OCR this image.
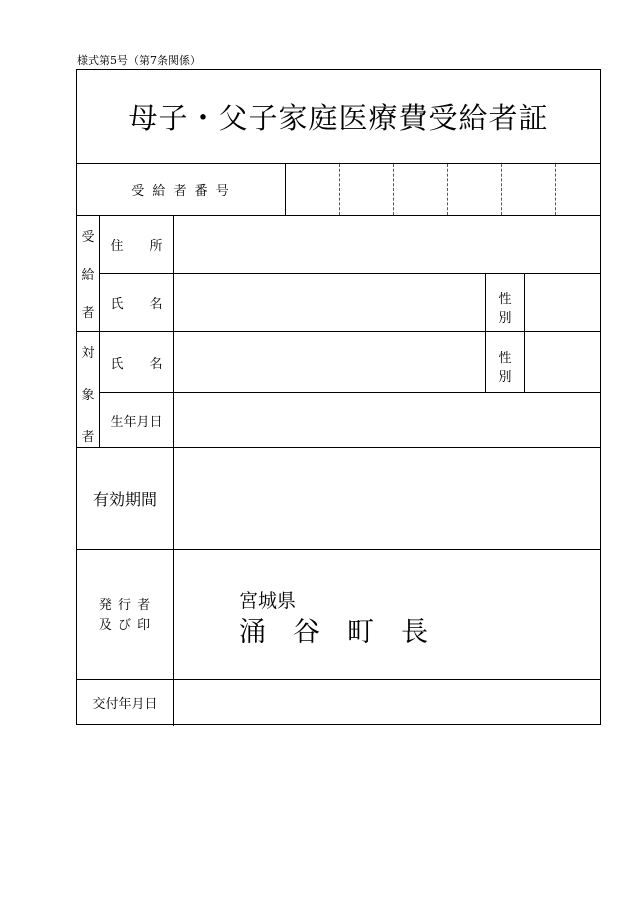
様式第5号（第7条関係）
母子・父子家庭医療費受給者証
受 給 者 番 号
受
給
者
住　　所
氏　　名	性
別
対
象
者
氏　　名	性
別
生年月日
有効期間
発 行 者
及 び 印
宮城県
涌　谷　町　長
交付年月日
